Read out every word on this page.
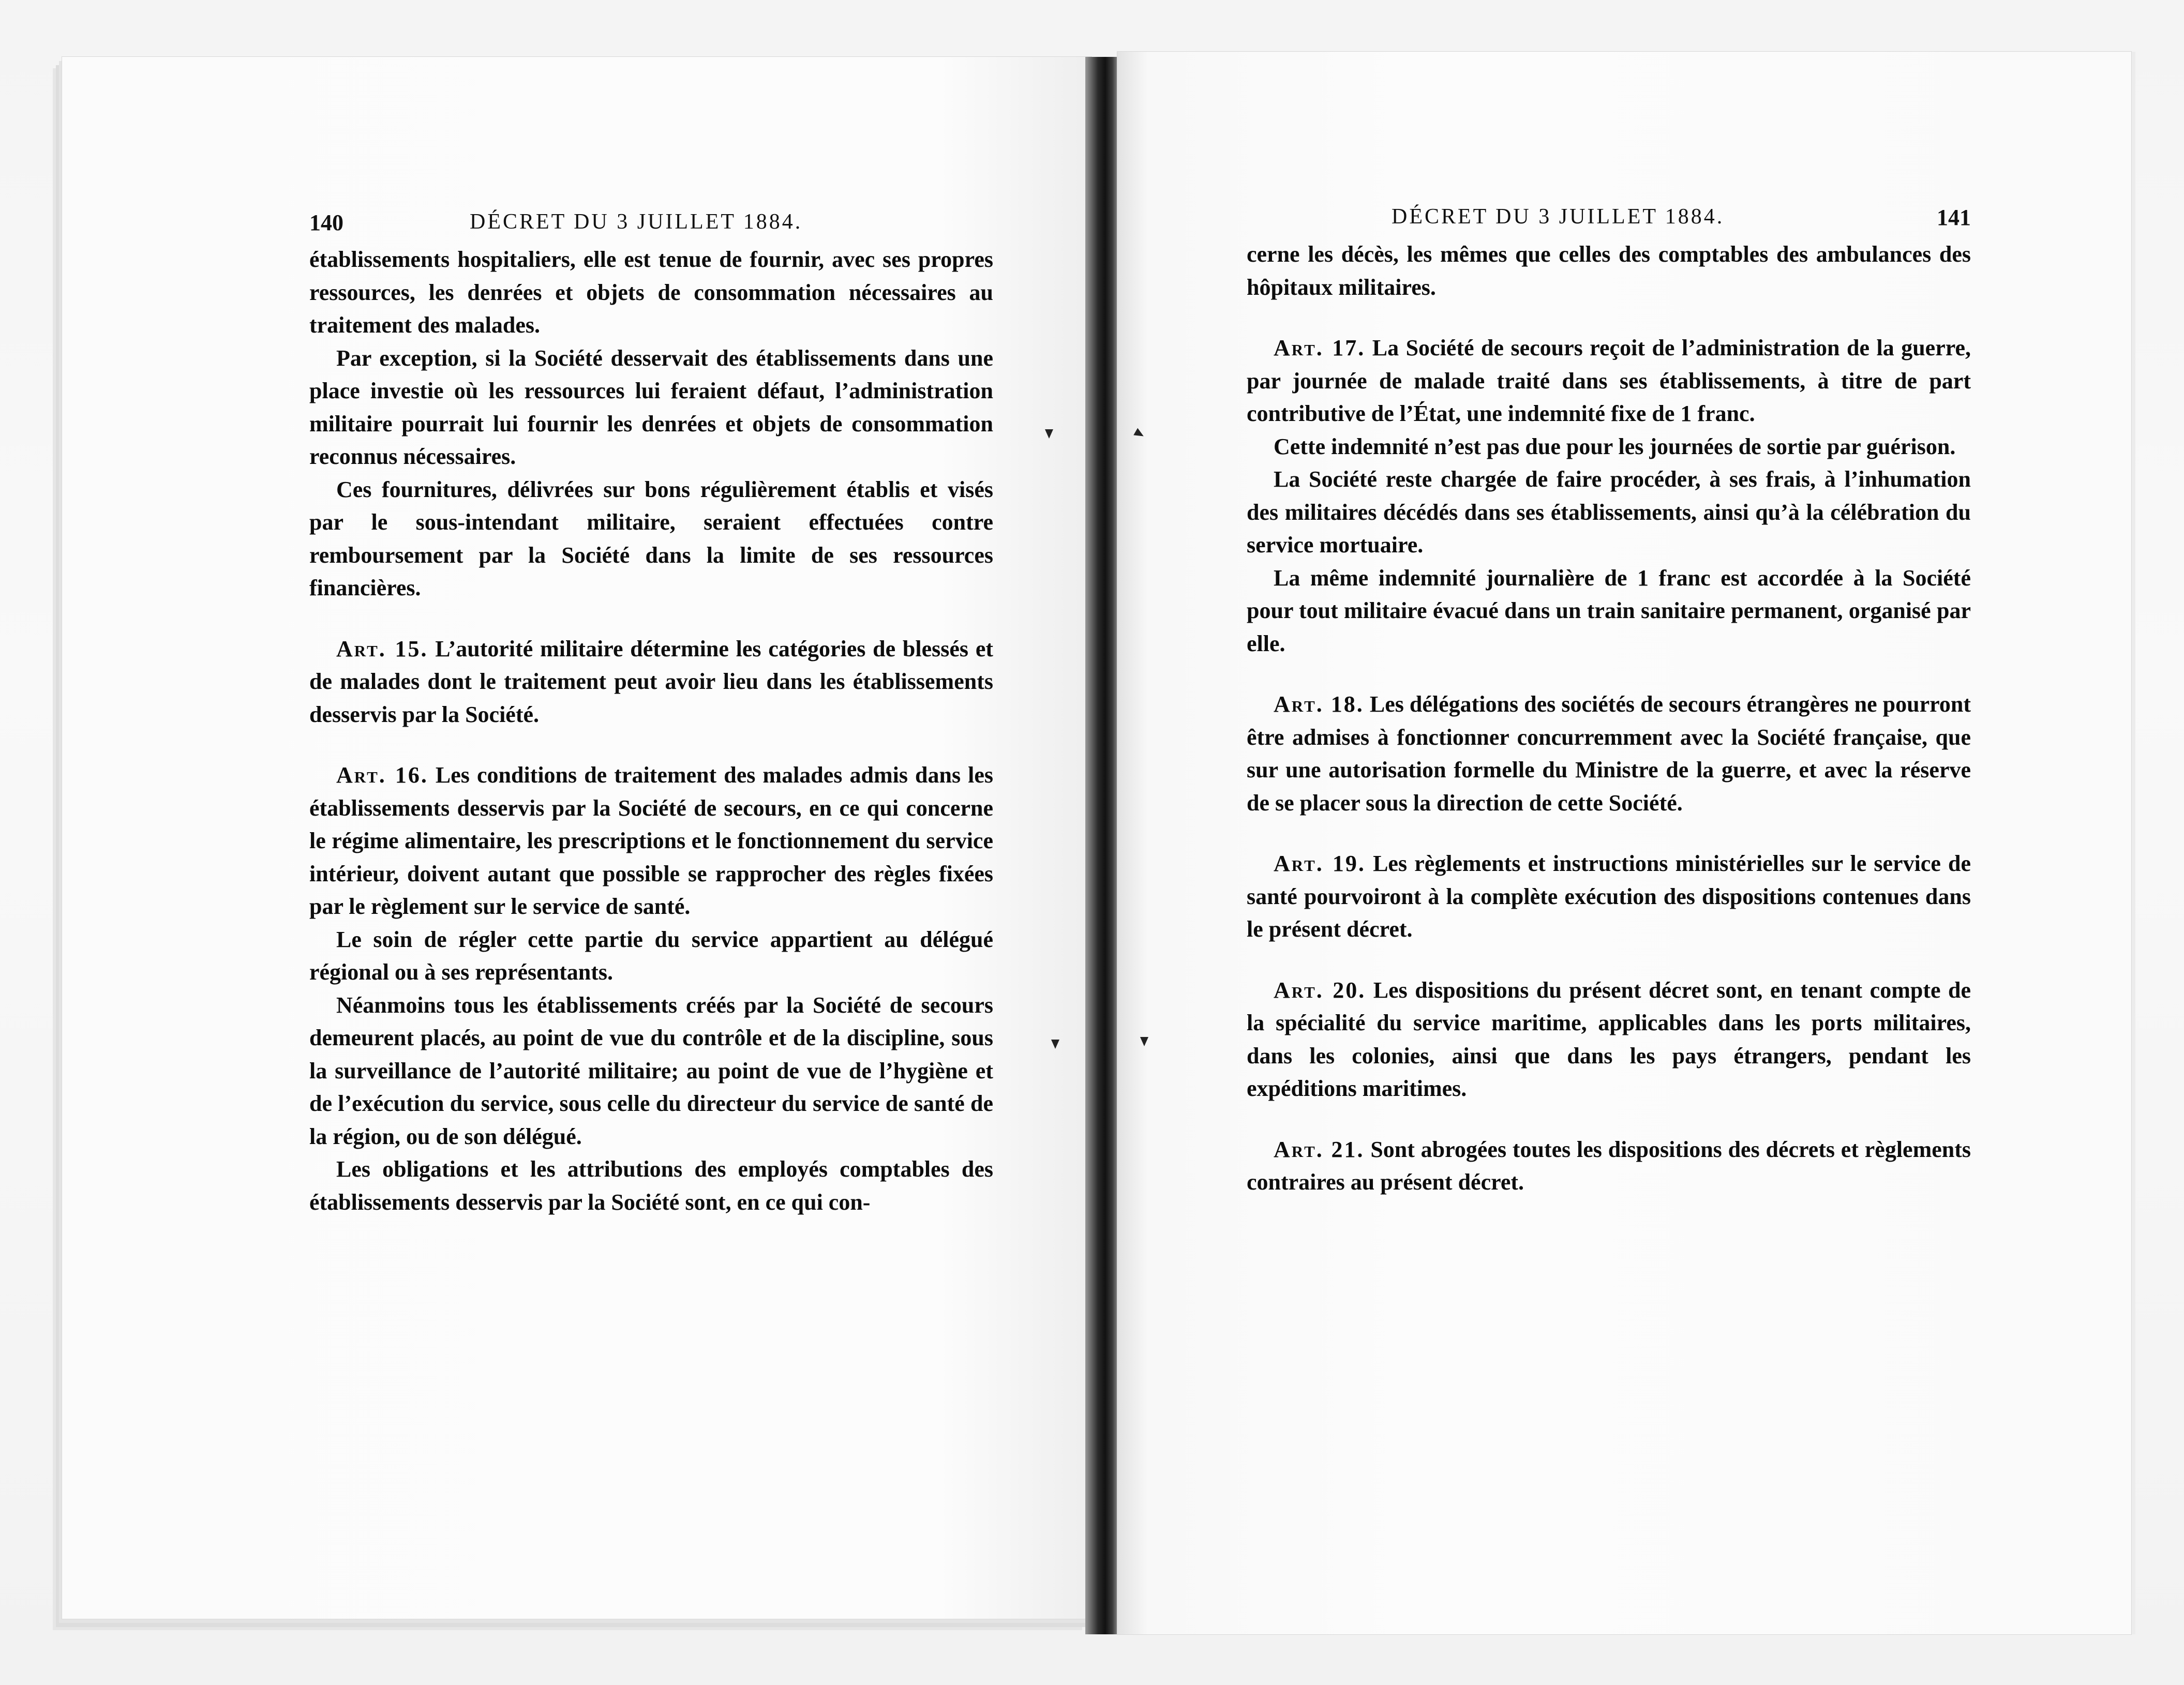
140	DÉCRET DU 3 JUILLET 1884.

établissements hospitaliers, elle est tenue de fournir, avec ses propres ressources, les denrées et objets de consommation nécessaires au traitement des malades.

Par exception, si la Société desservait des établissements dans une place investie où les ressources lui feraient défaut, l’administration militaire pourrait lui fournir les denrées et objets de consommation reconnus nécessaires.

Ces fournitures, délivrées sur bons régulièrement établis et visés par le sous-intendant militaire, seraient effectuées contre remboursement par la Société dans la limite de ses ressources financières.

Art. 15. L’autorité militaire détermine les catégories de blessés et de malades dont le traitement peut avoir lieu dans les établissements desservis par la Société.

Art. 16. Les conditions de traitement des malades admis dans les établissements desservis par la Société de secours, en ce qui concerne le régime alimentaire, les prescriptions et le fonctionnement du service intérieur, doivent autant que possible se rapprocher des règles fixées par le règlement sur le service de santé.

Le soin de régler cette partie du service appartient au délégué régional ou à ses représentants.

Néanmoins tous les établissements créés par la Société de secours demeurent placés, au point de vue du contrôle et de la discipline, sous la surveillance de l’autorité militaire; au point de vue de l’hygiène et de l’exécution du service, sous celle du directeur du service de santé de la région, ou de son délégué.

Les obligations et les attributions des employés comptables des établissements desservis par la Société sont, en ce qui con-

DÉCRET DU 3 JUILLET 1884.	141

cerne les décès, les mêmes que celles des comptables des ambulances des hôpitaux militaires.

Art. 17. La Société de secours reçoit de l’administration de la guerre, par journée de malade traité dans ses établissements, à titre de part contributive de l’État, une indemnité fixe de 1 franc.

Cette indemnité n’est pas due pour les journées de sortie par guérison.

La Société reste chargée de faire procéder, à ses frais, à l’inhumation des militaires décédés dans ses établissements, ainsi qu’à la célébration du service mortuaire.

La même indemnité journalière de 1 franc est accordée à la Société pour tout militaire évacué dans un train sanitaire permanent, organisé par elle.

Art. 18. Les délégations des sociétés de secours étrangères ne pourront être admises à fonctionner concurremment avec la Société française, que sur une autorisation formelle du Ministre de la guerre, et avec la réserve de se placer sous la direction de cette Société.

Art. 19. Les règlements et instructions ministérielles sur le service de santé pourvoiront à la complète exécution des dispositions contenues dans le présent décret.

Art. 20. Les dispositions du présent décret sont, en tenant compte de la spécialité du service maritime, applicables dans les ports militaires, dans les colonies, ainsi que dans les pays étrangers, pendant les expéditions maritimes.

Art. 21. Sont abrogées toutes les dispositions des décrets et règlements contraires au présent décret.
